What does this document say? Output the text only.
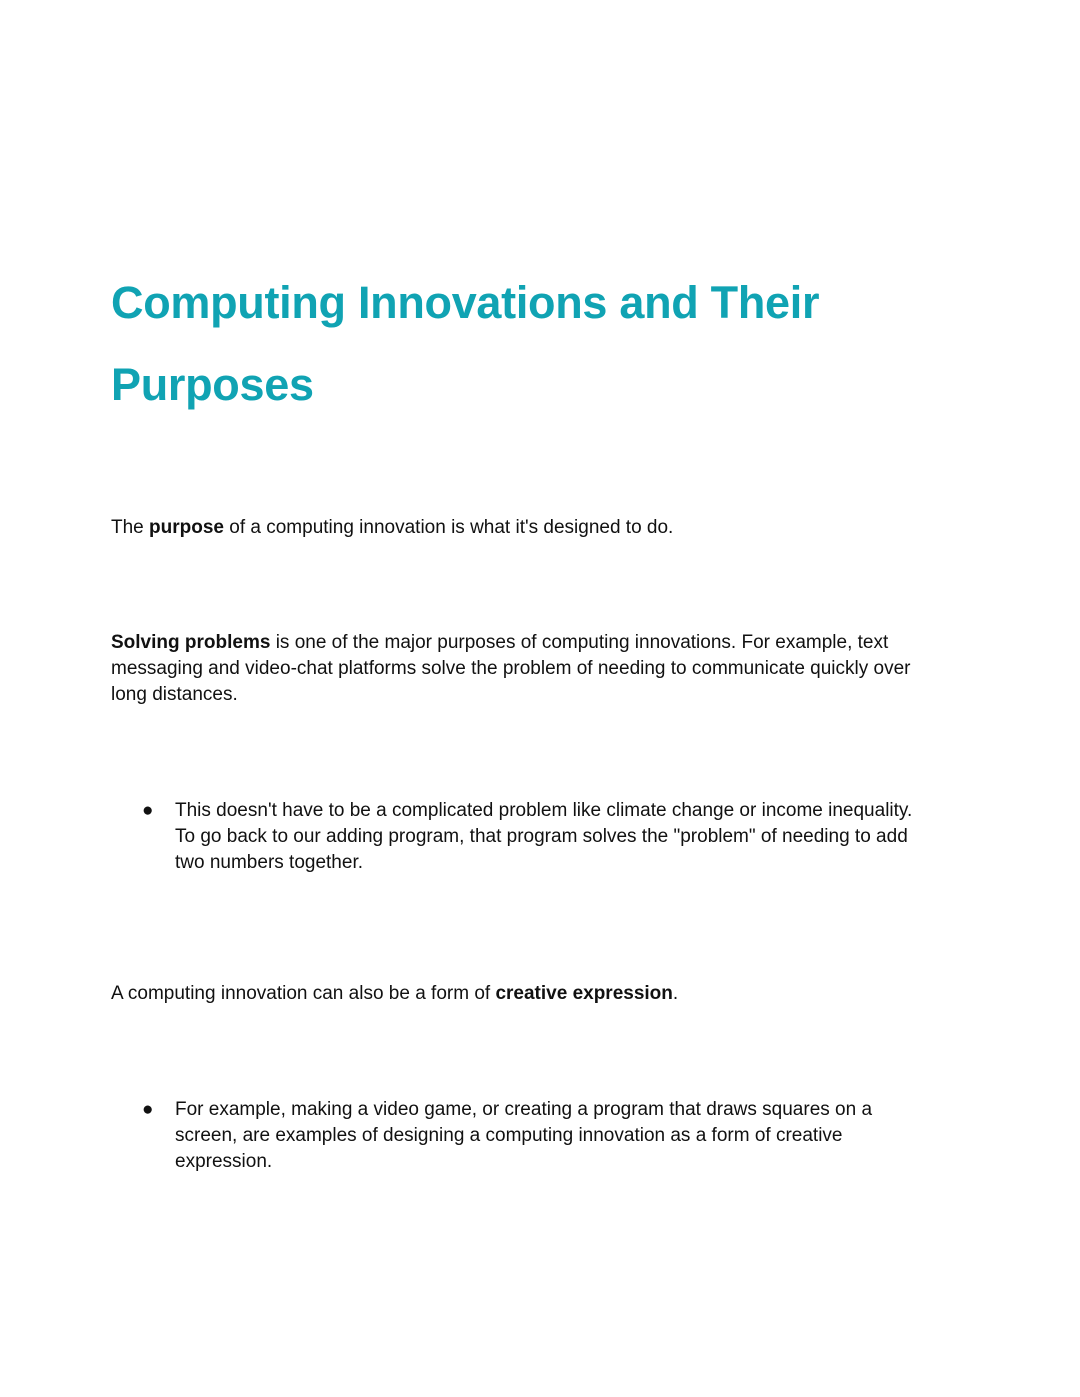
Computing Innovations and Their
Purposes

The purpose of a computing innovation is what it's designed to do.

Solving problems is one of the major purposes of computing innovations. For example, text
messaging and video-chat platforms solve the problem of needing to communicate quickly over
long distances.

● This doesn't have to be a complicated problem like climate change or income inequality.
To go back to our adding program, that program solves the "problem" of needing to add
two numbers together.

A computing innovation can also be a form of creative expression.

● For example, making a video game, or creating a program that draws squares on a
screen, are examples of designing a computing innovation as a form of creative
expression.
